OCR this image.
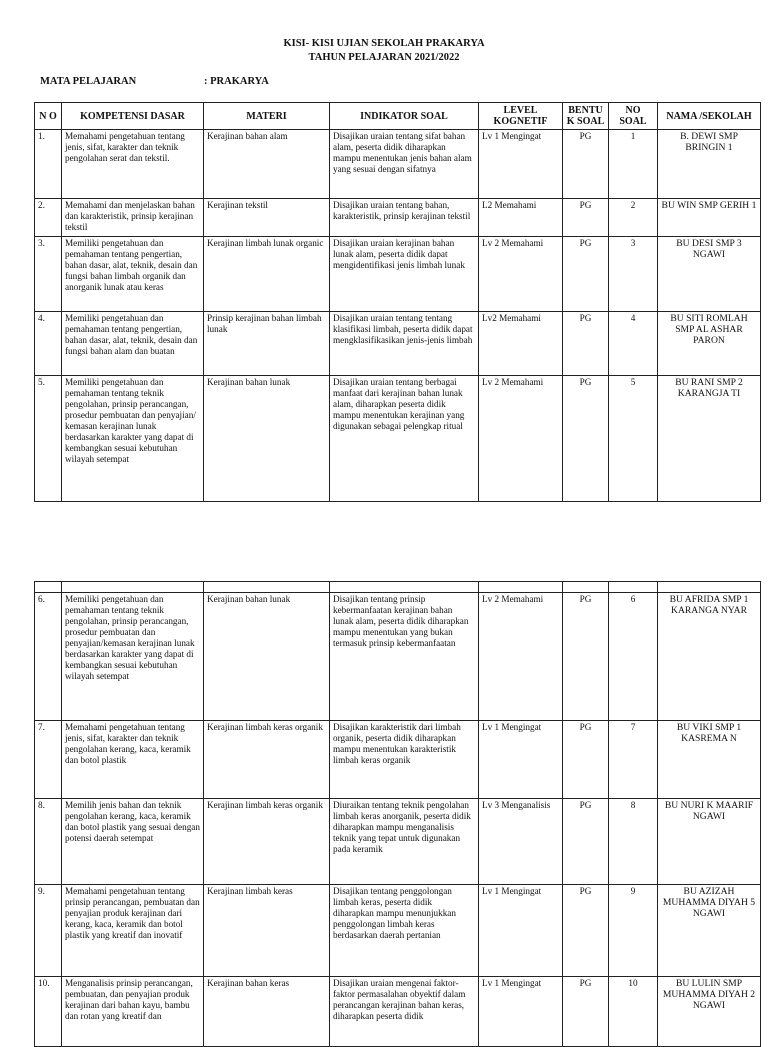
KISI- KISI UJIAN SEKOLAH PRAKARYA
TAHUN PELAJARAN 2021/2022
MATA PELAJARAN	: PRAKARYA
N O	KOMPETENSI DASAR	MATERI	INDIKATOR SOAL	LEVEL KOGNETIF	BENTU K SOAL	NO SOAL	NAMA /SEKOLAH
1.	Memahami pengetahuan tentang jenis, sifat, karakter dan teknik pengolahan serat dan tekstil.	Kerajinan bahan alam	Disajikan uraian tentang sifat bahan alam, peserta didik diharapkan mampu menentukan jenis bahan alam yang sesuai dengan sifatnya	Lv 1 Mengingat	PG	1	B. DEWI SMP BRINGIN 1
2.	Memahami dan menjelaskan bahan dan karakteristik, prinsip kerajinan tekstil	Kerajinan tekstil	Disajikan uraian tentang bahan, karakteristik, prinsip kerajinan tekstil	L2 Memahami	PG	2	BU WIN SMP GERIH 1
3.	Memiliki pengetahuan dan pemahaman tentang pengertian, bahan dasar, alat, teknik, desain dan fungsi bahan limbah organik dan anorganik lunak atau keras	Kerajinan limbah lunak organic	Disajikan uraian kerajinan bahan lunak alam, peserta didik dapat mengidentifikasi jenis limbah lunak	Lv 2 Memahami	PG	3	BU DESI SMP 3 NGAWI
4.	Memiliki pengetahuan dan pemahaman tentang pengertian, bahan dasar, alat, teknik, desain dan fungsi bahan alam dan buatan	Prinsip kerajinan bahan limbah lunak	Disajikan uraian tentang tentang klasifikasi limbah, peserta didik dapat mengklasifikasikan jenis-jenis limbah	Lv2 Memahami	PG	4	BU SITI ROMLAH SMP AL ASHAR PARON
5.	Memiliki pengetahuan dan pemahaman tentang teknik pengolahan, prinsip perancangan, prosedur pembuatan dan penyajian/ kemasan kerajinan lunak berdasarkan karakter yang dapat di kembangkan sesuai kebutuhan wilayah setempat	Kerajinan bahan lunak	Disajikan uraian tentang berbagai manfaat dari kerajinan bahan lunak alam, diharapkan peserta didik mampu menentukan kerajinan yang digunakan sebagai pelengkap ritual	Lv 2 Memahami	PG	5	BU RANI SMP 2 KARANGJA TI

6.	Memiliki pengetahuan dan pemahaman tentang teknik pengolahan, prinsip perancangan, prosedur pembuatan dan penyajian/kemasan kerajinan lunak berdasarkan karakter yang dapat di kembangkan sesuai kebutuhan wilayah setempat	Kerajinan bahan lunak	Disajikan tentang prinsip kebermanfaatan kerajinan bahan lunak alam, peserta didik diharapkan mampu menentukan yang bukan termasuk prinsip kebermanfaatan	Lv 2 Memahami	PG	6	BU AFRIDA SMP 1 KARANGA NYAR
7.	Memahami pengetahuan tentang jenis, sifat, karakter dan teknik pengolahan kerang, kaca, keramik dan botol plastik	Kerajinan limbah keras organik	Disajikan karakteristik dari limbah organik, peserta didik diharapkan mampu menentukan karakteristik limbah keras organik	Lv 1 Mengingat	PG	7	BU VIKI SMP 1 KASREMA N
8.	Memilih jenis bahan dan teknik pengolahan kerang, kaca, keramik dan botol plastik yang sesuai dengan potensi daerah setempat	Kerajinan limbah keras organik	Diuraikan tentang teknik pengolahan limbah keras anorganik, peserta didik diharapkan mampu menganalisis teknik yang tepat untuk digunakan pada keramik	Lv 3 Menganalisis	PG	8	BU NURI K MAARIF NGAWI
9.	Memahami pengetahuan tentang prinsip perancangan, pembuatan dan penyajian produk kerajinan dari kerang, kaca, keramik dan botol plastik yang kreatif dan inovatif	Kerajinan limbah keras	Disajikan tentang penggolongan limbah keras, peserta didik diharapkan mampu menunjukkan penggolongan limbah keras berdasarkan daerah pertanian	Lv 1 Mengingat	PG	9	BU AZIZAH MUHAMMA DIYAH 5 NGAWI
10.	Menganalisis prinsip perancangan, pembuatan, dan penyajian produk kerajinan dari bahan kayu, bambu dan rotan yang kreatif dan	Kerajinan bahan keras	Disajikan uraian mengenai faktor-faktor permasalahan obyektif dalam perancangan kerajinan bahan keras, diharapkan peserta didik	Lv 1 Mengingat	PG	10	BU LULIN SMP MUHAMMA DIYAH 2 NGAWI
